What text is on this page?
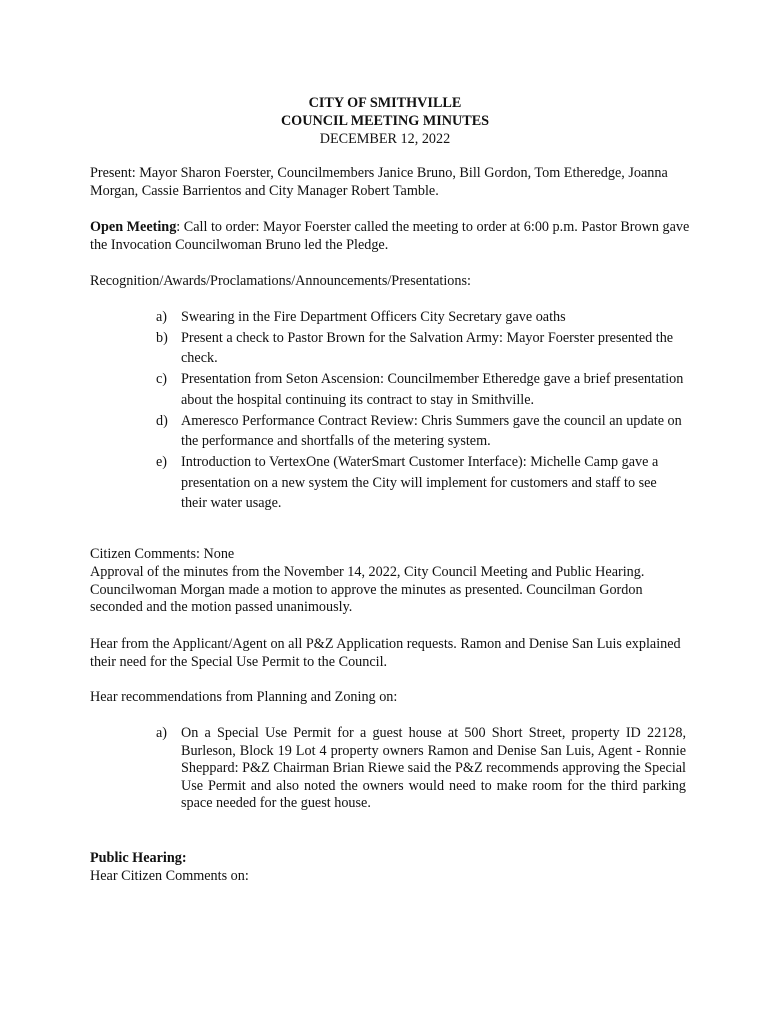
CITY OF SMITHVILLE
COUNCIL MEETING MINUTES
DECEMBER 12, 2022

Present: Mayor Sharon Foerster, Councilmembers Janice Bruno, Bill Gordon, Tom Etheredge, Joanna Morgan, Cassie Barrientos and City Manager Robert Tamble.

Open Meeting: Call to order: Mayor Foerster called the meeting to order at 6:00 p.m. Pastor Brown gave the Invocation Councilwoman Bruno led the Pledge.

Recognition/Awards/Proclamations/Announcements/Presentations:

a) Swearing in the Fire Department Officers City Secretary gave oaths
b) Present a check to Pastor Brown for the Salvation Army: Mayor Foerster presented the check.
c) Presentation from Seton Ascension: Councilmember Etheredge gave a brief presentation about the hospital continuing its contract to stay in Smithville.
d) Ameresco Performance Contract Review: Chris Summers gave the council an update on the performance and shortfalls of the metering system.
e) Introduction to VertexOne (WaterSmart Customer Interface): Michelle Camp gave a presentation on a new system the City will implement for customers and staff to see their water usage.

Citizen Comments: None

Approval of the minutes from the November 14, 2022, City Council Meeting and Public Hearing. Councilwoman Morgan made a motion to approve the minutes as presented. Councilman Gordon seconded and the motion passed unanimously.

Hear from the Applicant/Agent on all P&Z Application requests. Ramon and Denise San Luis explained their need for the Special Use Permit to the Council.

Hear recommendations from Planning and Zoning on:

a) On a Special Use Permit for a guest house at 500 Short Street, property ID 22128, Burleson, Block 19 Lot 4 property owners Ramon and Denise San Luis, Agent - Ronnie Sheppard: P&Z Chairman Brian Riewe said the P&Z recommends approving the Special Use Permit and also noted the owners would need to make room for the third parking space needed for the guest house.

Public Hearing:

Hear Citizen Comments on:
